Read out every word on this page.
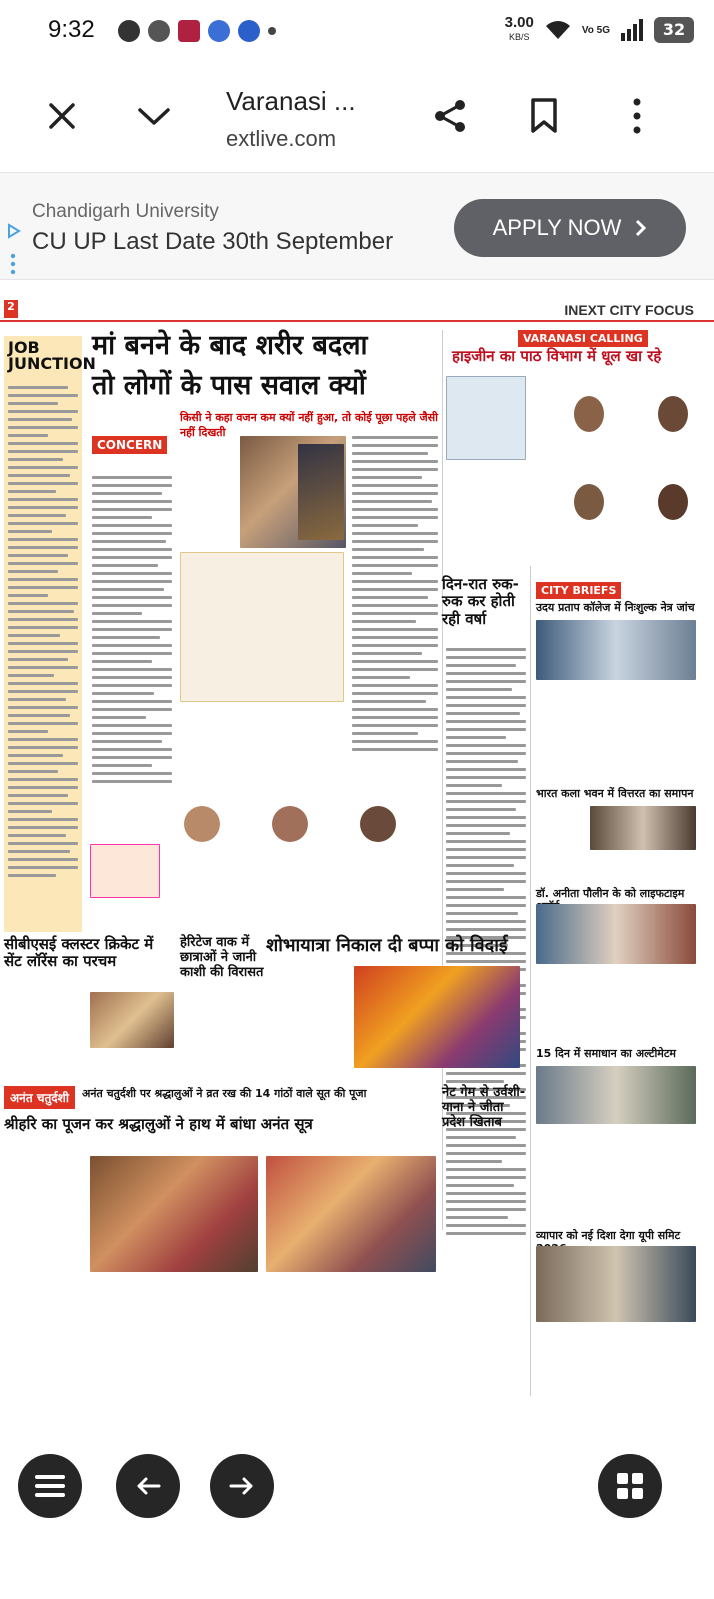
9:32	3.00
KB/S
Vo 5G	32
Varanasi ...
extlive.com
Chandigarh University
CU UP Last Date 30th September
APPLY NOW
2	INEXT CITY FOCUS
JOB JUNCTION
मां बनने के बाद शरीर बदला
तो लोगों के पास सवाल क्यों
किसी ने कहा वजन कम क्यों नहीं हुआ, तो कोई पूछा पहले जैसी नहीं दिखती
CONCERN
VARANASI CALLING
हाइजीन का पाठ विभाग में धूल खा रहे
दिन-रात रुक-रुक कर होती रही वर्षा
CITY BRIEFS
उदय प्रताप कॉलेज में निःशुल्क नेत्र जांच
भारत कला भवन में वित्तरत का समापन
डॉ. अनीता पौलीन के को लाइफटाइम
15 दिन में समाधान का अल्टीमेटम
व्यापार को नई दिशा देगा यूपी समिट
सीबीएसई क्लस्टर क्रिकेट में सेंट लॉरेंस का परचम
हेरिटेज वाक में छात्राओं ने जानी काशी की विरासत
शोभायात्रा निकाल दी बप्पा को विदाई
अनंत चतुर्दशी	अनंत चतुर्दशी पर श्रद्धालुओं ने व्रत रख की 14 गांठों वाले सूत की पूजा
श्रीहरि का पूजन कर श्रद्धालुओं ने हाथ में बांधा अनंत सूत्र
नेट गेम से उर्वशी-याना ने जीता प्रदेश खिताब
